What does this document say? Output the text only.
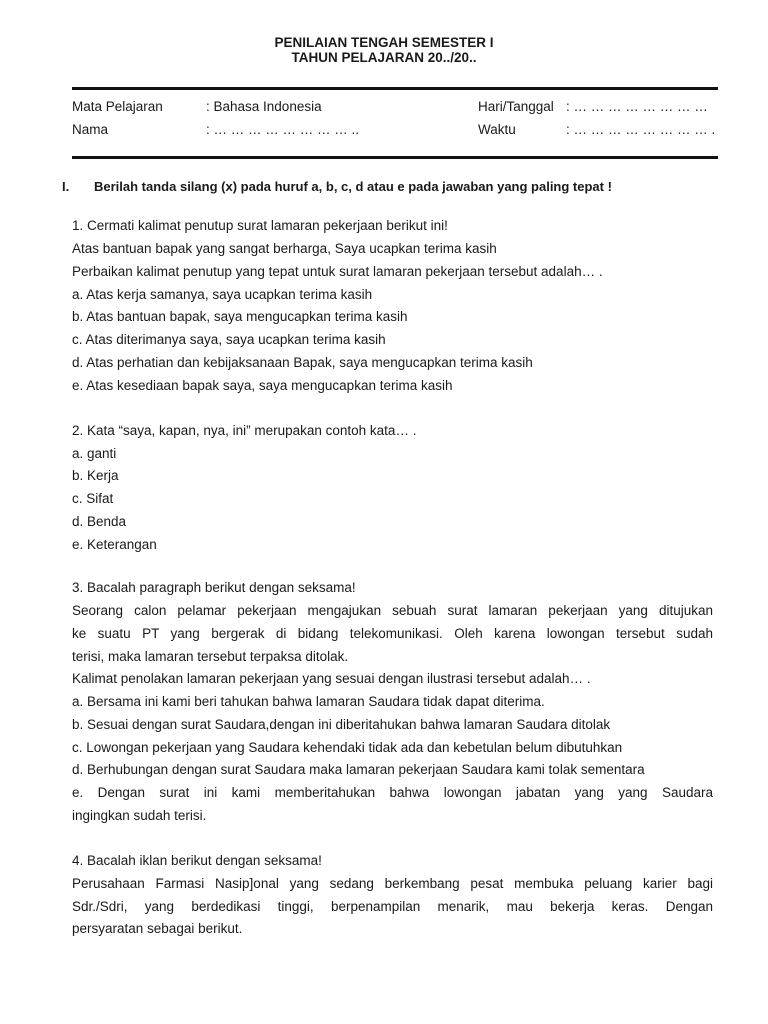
PENILAIAN TENGAH SEMESTER I
TAHUN PELAJARAN 20../20..
Mata Pelajaran	: Bahasa Indonesia	Hari/Tanggal : … … … … … … … …
Nama	: … … … … … … … … ..	Waktu	: … … … … … … … … .
I. Berilah tanda silang (x) pada huruf a, b, c, d atau e pada jawaban yang paling tepat !
1. Cermati kalimat penutup surat lamaran pekerjaan berikut ini!
Atas bantuan bapak yang sangat berharga, Saya ucapkan terima kasih
Perbaikan kalimat penutup yang tepat untuk surat lamaran pekerjaan tersebut adalah… .
a. Atas kerja samanya, saya ucapkan terima kasih
b. Atas bantuan bapak, saya mengucapkan terima kasih
c. Atas diterimanya saya, saya ucapkan terima kasih
d. Atas perhatian dan kebijaksanaan Bapak, saya mengucapkan terima kasih
e. Atas kesediaan bapak saya, saya mengucapkan terima kasih
2. Kata “saya, kapan, nya, ini” merupakan contoh kata… .
a. ganti
b. Kerja
c. Sifat
d. Benda
e. Keterangan
3. Bacalah paragraph berikut dengan seksama!
Seorang calon pelamar pekerjaan mengajukan sebuah surat lamaran pekerjaan yang ditujukan
ke suatu PT yang bergerak di bidang telekomunikasi. Oleh karena lowongan tersebut sudah
terisi, maka lamaran tersebut terpaksa ditolak.
Kalimat penolakan lamaran pekerjaan yang sesuai dengan ilustrasi tersebut adalah… .
a. Bersama ini kami beri tahukan bahwa lamaran Saudara tidak dapat diterima.
b. Sesuai dengan surat Saudara,dengan ini diberitahukan bahwa lamaran Saudara ditolak
c. Lowongan pekerjaan yang Saudara kehendaki tidak ada dan kebetulan belum dibutuhkan
d. Berhubungan dengan surat Saudara maka lamaran pekerjaan Saudara kami tolak sementara
e. Dengan surat ini kami memberitahukan bahwa lowongan jabatan yang yang Saudara
ingingkan sudah terisi.
4. Bacalah iklan berikut dengan seksama!
Perusahaan Farmasi Nasip]onal yang sedang berkembang pesat membuka peluang karier bagi
Sdr./Sdri, yang berdedikasi tinggi, berpenampilan menarik, mau bekerja keras. Dengan
persyaratan sebagai berikut.
